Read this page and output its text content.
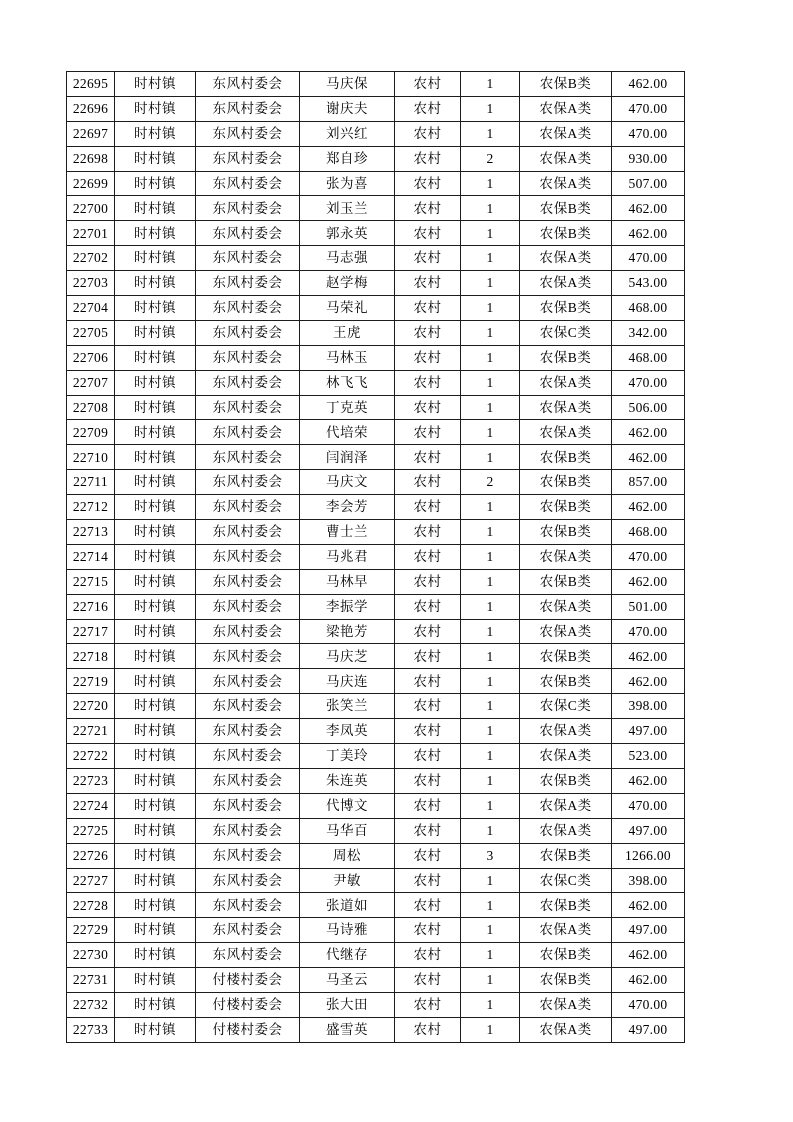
22695	时村镇	东风村委会	马庆保	农村	1	农保B类	462.00
22696	时村镇	东风村委会	谢庆夫	农村	1	农保A类	470.00
22697	时村镇	东风村委会	刘兴红	农村	1	农保A类	470.00
22698	时村镇	东风村委会	郑自珍	农村	2	农保A类	930.00
22699	时村镇	东风村委会	张为喜	农村	1	农保A类	507.00
22700	时村镇	东风村委会	刘玉兰	农村	1	农保B类	462.00
22701	时村镇	东风村委会	郭永英	农村	1	农保B类	462.00
22702	时村镇	东风村委会	马志强	农村	1	农保A类	470.00
22703	时村镇	东风村委会	赵学梅	农村	1	农保A类	543.00
22704	时村镇	东风村委会	马荣礼	农村	1	农保B类	468.00
22705	时村镇	东风村委会	王虎	农村	1	农保C类	342.00
22706	时村镇	东风村委会	马林玉	农村	1	农保B类	468.00
22707	时村镇	东风村委会	林飞飞	农村	1	农保A类	470.00
22708	时村镇	东风村委会	丁克英	农村	1	农保A类	506.00
22709	时村镇	东风村委会	代培荣	农村	1	农保A类	462.00
22710	时村镇	东风村委会	闫润泽	农村	1	农保B类	462.00
22711	时村镇	东风村委会	马庆文	农村	2	农保B类	857.00
22712	时村镇	东风村委会	李会芳	农村	1	农保B类	462.00
22713	时村镇	东风村委会	曹士兰	农村	1	农保B类	468.00
22714	时村镇	东风村委会	马兆君	农村	1	农保A类	470.00
22715	时村镇	东风村委会	马林早	农村	1	农保B类	462.00
22716	时村镇	东风村委会	李振学	农村	1	农保A类	501.00
22717	时村镇	东风村委会	梁艳芳	农村	1	农保A类	470.00
22718	时村镇	东风村委会	马庆芝	农村	1	农保B类	462.00
22719	时村镇	东风村委会	马庆连	农村	1	农保B类	462.00
22720	时村镇	东风村委会	张笑兰	农村	1	农保C类	398.00
22721	时村镇	东风村委会	李凤英	农村	1	农保A类	497.00
22722	时村镇	东风村委会	丁美玲	农村	1	农保A类	523.00
22723	时村镇	东风村委会	朱连英	农村	1	农保B类	462.00
22724	时村镇	东风村委会	代博文	农村	1	农保A类	470.00
22725	时村镇	东风村委会	马华百	农村	1	农保A类	497.00
22726	时村镇	东风村委会	周松	农村	3	农保B类	1266.00
22727	时村镇	东风村委会	尹敏	农村	1	农保C类	398.00
22728	时村镇	东风村委会	张道如	农村	1	农保B类	462.00
22729	时村镇	东风村委会	马诗雅	农村	1	农保A类	497.00
22730	时村镇	东风村委会	代继存	农村	1	农保B类	462.00
22731	时村镇	付楼村委会	马圣云	农村	1	农保B类	462.00
22732	时村镇	付楼村委会	张大田	农村	1	农保A类	470.00
22733	时村镇	付楼村委会	盛雪英	农村	1	农保A类	497.00
